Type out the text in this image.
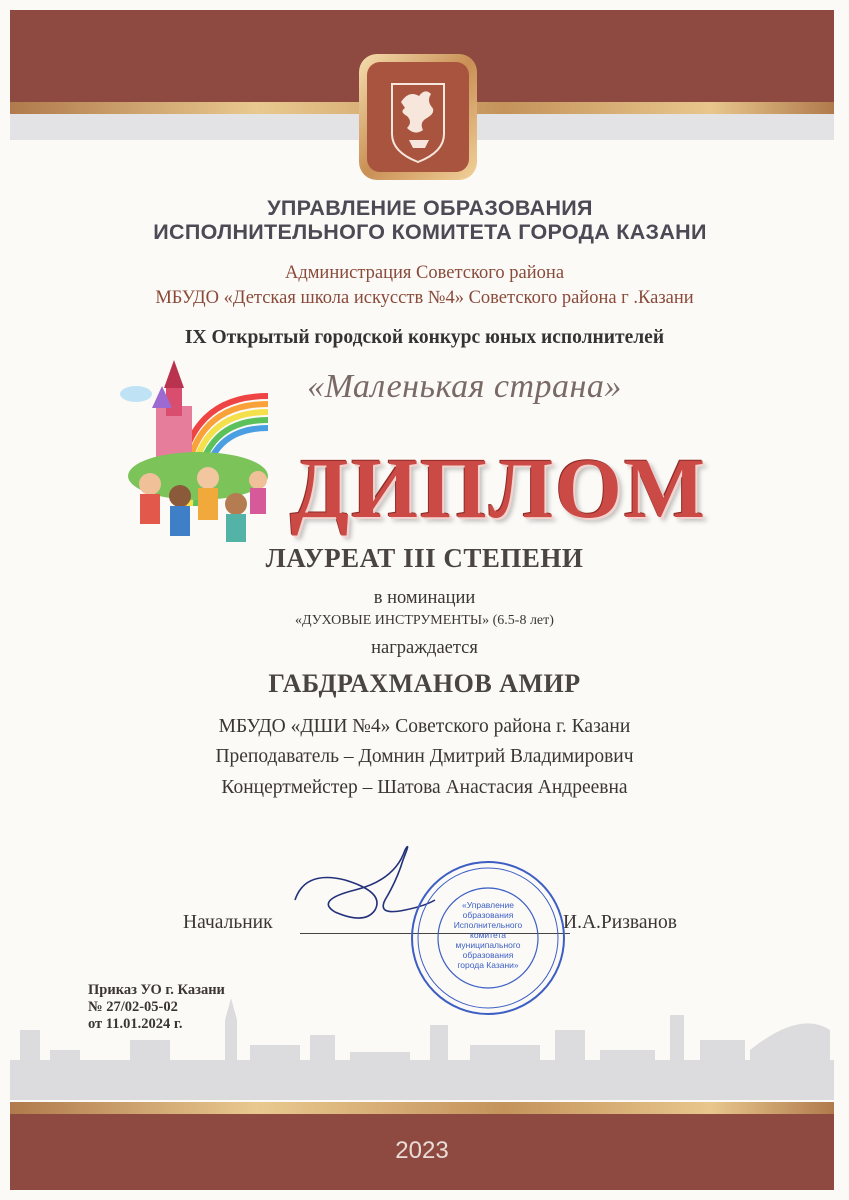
УПРАВЛЕНИЕ ОБРАЗОВАНИЯ
ИСПОЛНИТЕЛЬНОГО КОМИТЕТА ГОРОДА КАЗАНИ
Администрация Советского района
МБУДО «Детская школа искусств №4» Советского района г .Казани
IX Открытый городской конкурс юных исполнителей
«Маленькая страна»
ДИПЛОМ
ЛАУРЕАТ III СТЕПЕНИ
в номинации
«ДУХОВЫЕ ИНСТРУМЕНТЫ» (6.5-8 лет)
награждается
ГАБДРАХМАНОВ АМИР
МБУДО «ДШИ №4» Советского района г. Казани
Преподаватель – Домнин Дмитрий Владимирович
Концертмейстер – Шатова Анастасия Андреевна
Начальник	И.А.Ризванов
«Управление
образования
Исполнительного
комитета
муниципального
образования
города Казани»
Приказ УО г. Казани
№ 27/02-05-02
от 11.01.2024 г.
2023
